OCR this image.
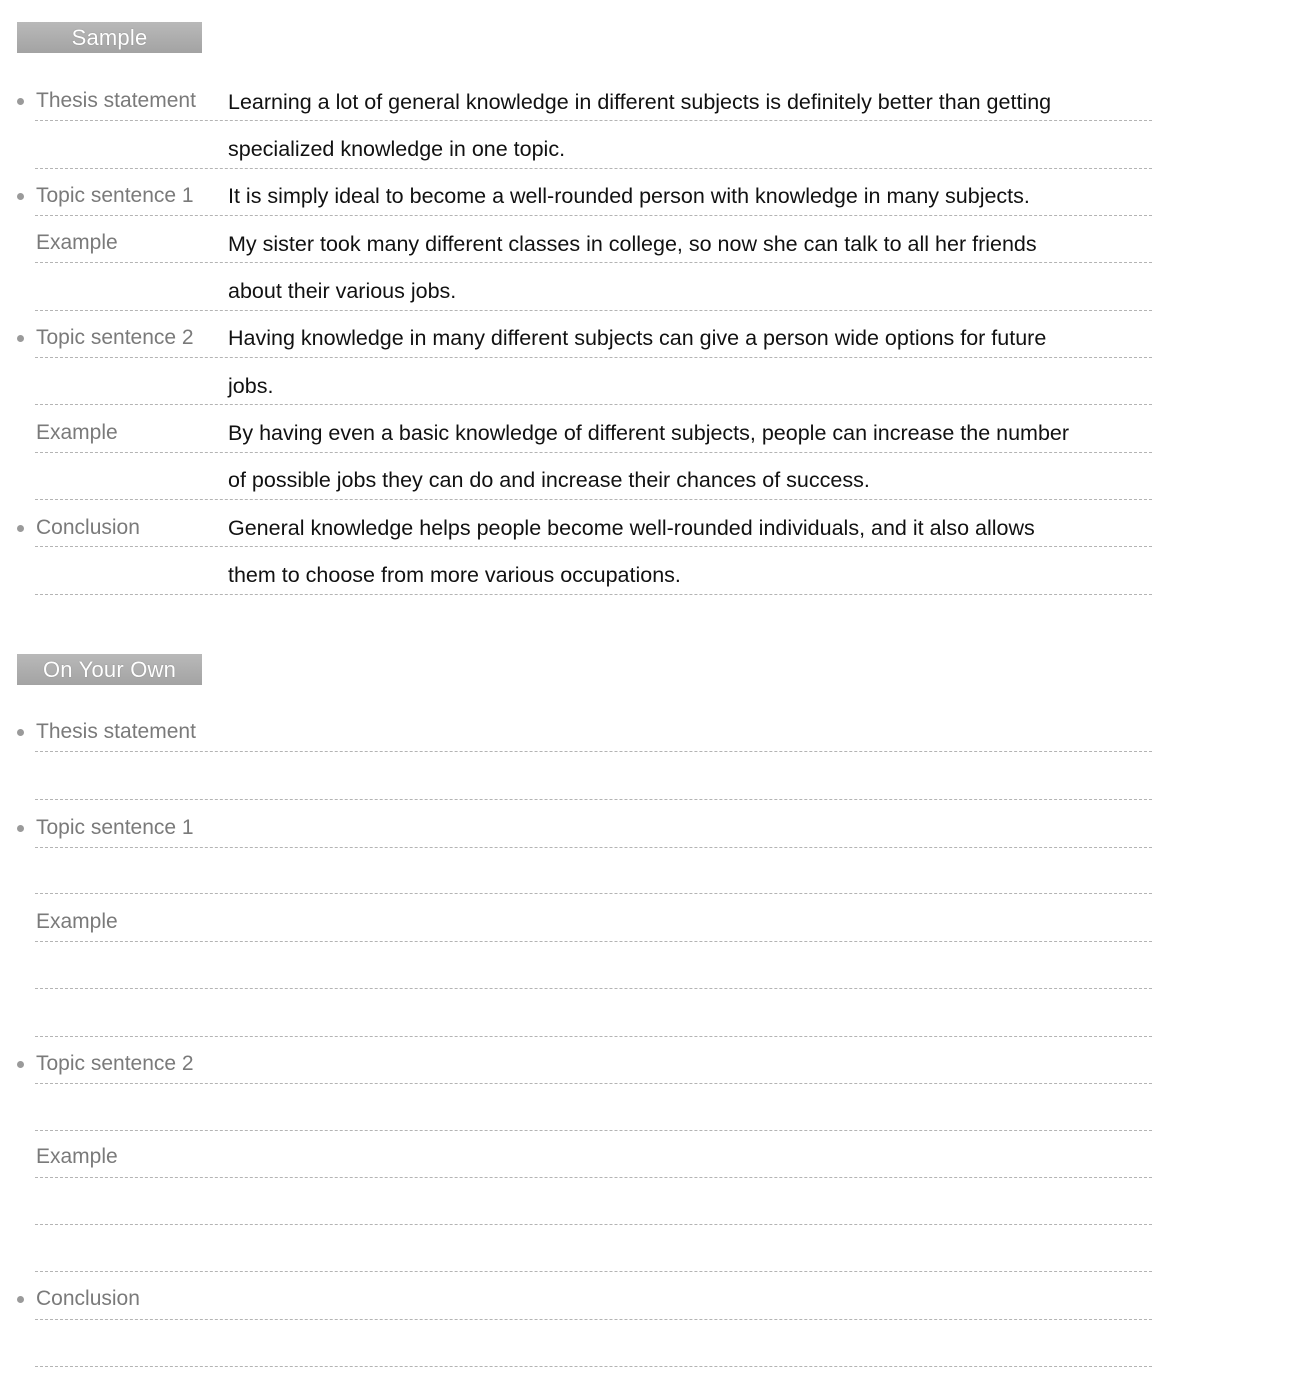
Sample
Thesis statement Learning a lot of general knowledge in different subjects is definitely better than getting
specialized knowledge in one topic.
Topic sentence 1 It is simply ideal to become a well-rounded person with knowledge in many subjects.
Example	My sister took many different classes in college, so now she can talk to all her friends
about their various jobs.
Topic sentence 2 Having knowledge in many different subjects can give a person wide options for future
jobs.
Example	By having even a basic knowledge of different subjects, people can increase the number
of possible jobs they can do and increase their chances of success.
Conclusion	General knowledge helps people become well-rounded individuals, and it also allows
them to choose from more various occupations.
On Your Own
Thesis statement
Topic sentence 1
Example
Topic sentence 2
Example
Conclusion
